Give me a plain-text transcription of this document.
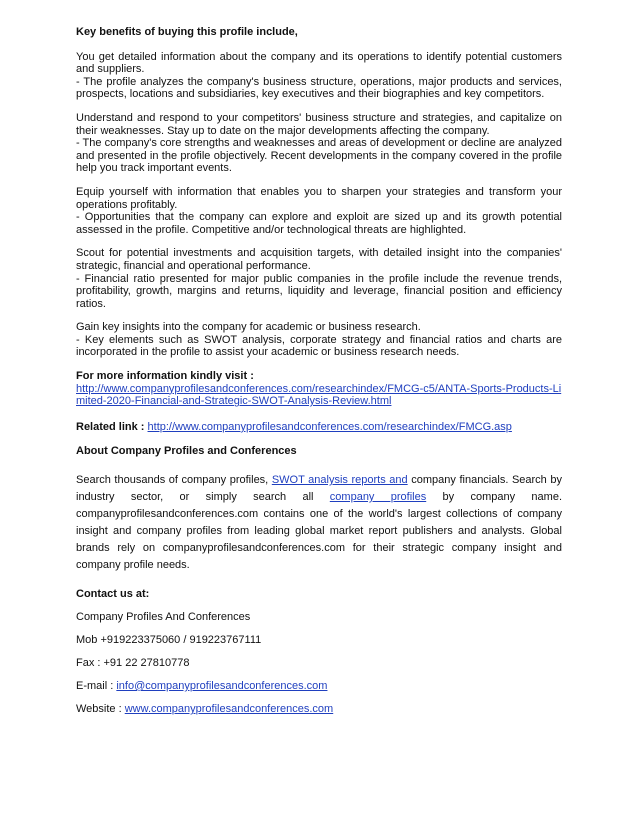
Key benefits of buying this profile include,

You get detailed information about the company and its operations to identify potential customers and suppliers.

- The profile analyzes the company's business structure, operations, major products and services, prospects, locations and subsidiaries, key executives and their biographies and key competitors.

Understand and respond to your competitors' business structure and strategies, and capitalize on their weaknesses. Stay up to date on the major developments affecting the company.

- The company's core strengths and weaknesses and areas of development or decline are analyzed and presented in the profile objectively. Recent developments in the company covered in the profile help you track important events.

Equip yourself with information that enables you to sharpen your strategies and transform your operations profitably.

- Opportunities that the company can explore and exploit are sized up and its growth potential assessed in the profile. Competitive and/or technological threats are highlighted.

Scout for potential investments and acquisition targets, with detailed insight into the companies' strategic, financial and operational performance.

- Financial ratio presented for major public companies in the profile include the revenue trends, profitability, growth, margins and returns, liquidity and leverage, financial position and efficiency ratios.

Gain key insights into the company for academic or business research.

- Key elements such as SWOT analysis, corporate strategy and financial ratios and charts are incorporated in the profile to assist your academic or business research needs.

For more information kindly visit :

http://www.companyprofilesandconferences.com/researchindex/FMCG-c5/ANTA-Sports-Products-Limited-2020-Financial-and-Strategic-SWOT-Analysis-Review.html

Related link : http://www.companyprofilesandconferences.com/researchindex/FMCG.asp

About Company Profiles and Conferences

Search thousands of company profiles, SWOT analysis reports and company financials. Search by industry sector, or simply search all company profiles by company name. companyprofilesandconferences.com contains one of the world's largest collections of company insight and company profiles from leading global market report publishers and analysts. Global brands rely on companyprofilesandconferences.com for their strategic company insight and company profile needs.

Contact us at:

Company Profiles And Conferences

Mob +919223375060 / 919223767111

Fax : +91 22 27810778

E-mail : info@companyprofilesandconferences.com

Website : www.companyprofilesandconferences.com
